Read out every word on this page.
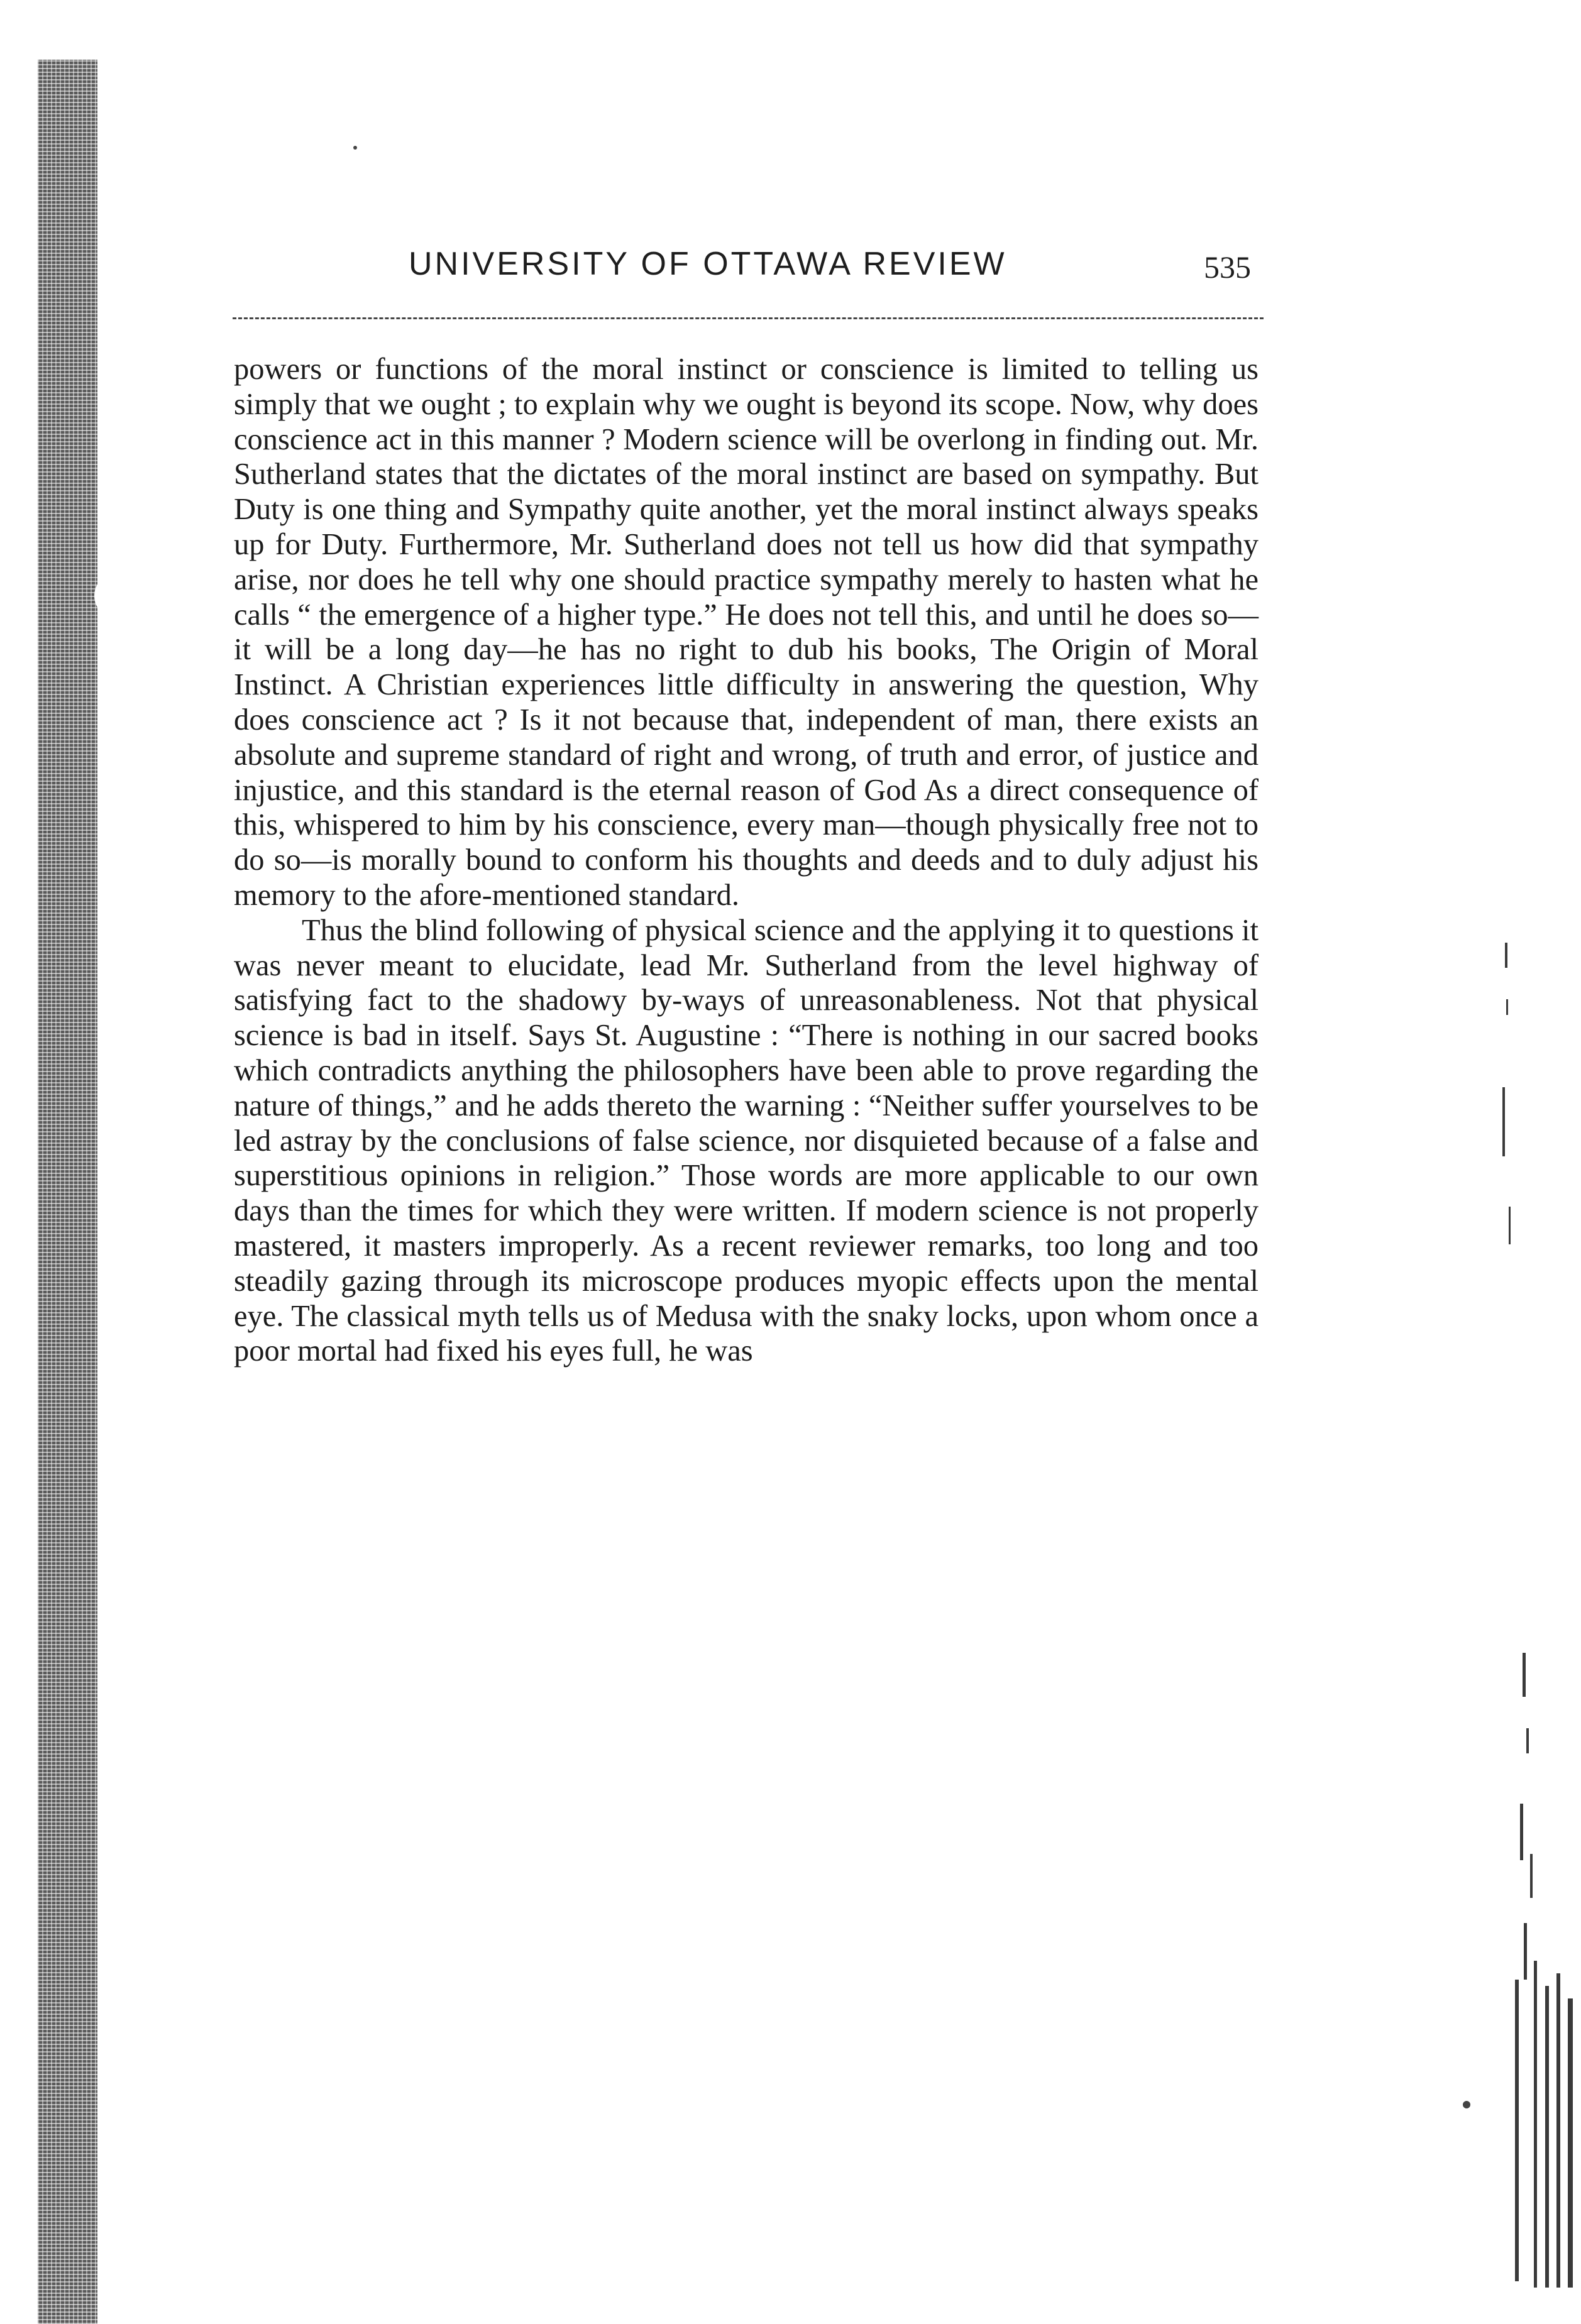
UNIVERSITY OF OTTAWA REVIEW	535

powers or functions of the moral instinct or conscience is limited to telling us simply that we ought ; to explain why we ought is beyond its scope. Now, why does conscience act in this manner ? Modern science will be overlong in finding out. Mr. Sutherland states that the dictates of the moral instinct are based on sympathy. But Duty is one thing and Sympathy quite another, yet the moral instinct always speaks up for Duty. Furthermore, Mr. Sutherland does not tell us how did that sympathy arise, nor does he tell why one should practice sympathy merely to hasten what he calls “ the emergence of a higher type.” He does not tell this, and until he does so—it will be a long day—he has no right to dub his books, The Origin of Moral Instinct. A Christian experiences little difficulty in answering the question, Why does conscience act ? Is it not because that, independent of man, there exists an absolute and supreme standard of right and wrong, of truth and error, of justice and injustice, and this standard is the eternal reason of God As a direct consequence of this, whispered to him by his conscience, every man—though physically free not to do so—is morally bound to conform his thoughts and deeds and to duly adjust his memory to the afore-mentioned standard.

Thus the blind following of physical science and the applying it to questions it was never meant to elucidate, lead Mr. Sutherland from the level highway of satisfying fact to the shadowy by-ways of unreasonableness. Not that physical science is bad in itself. Says St. Augustine : “There is nothing in our sacred books which contradicts anything the philosophers have been able to prove regarding the nature of things,” and he adds thereto the warning : “Neither suffer yourselves to be led astray by the conclusions of false science, nor disquieted because of a false and superstitious opinions in religion.” Those words are more applicable to our own days than the times for which they were written. If modern science is not properly mastered, it masters improperly. As a recent reviewer remarks, too long and too steadily gazing through its microscope produces myopic effects upon the mental eye. The classical myth tells us of Medusa with the snaky locks, upon whom once a poor mortal had fixed his eyes full, he was
